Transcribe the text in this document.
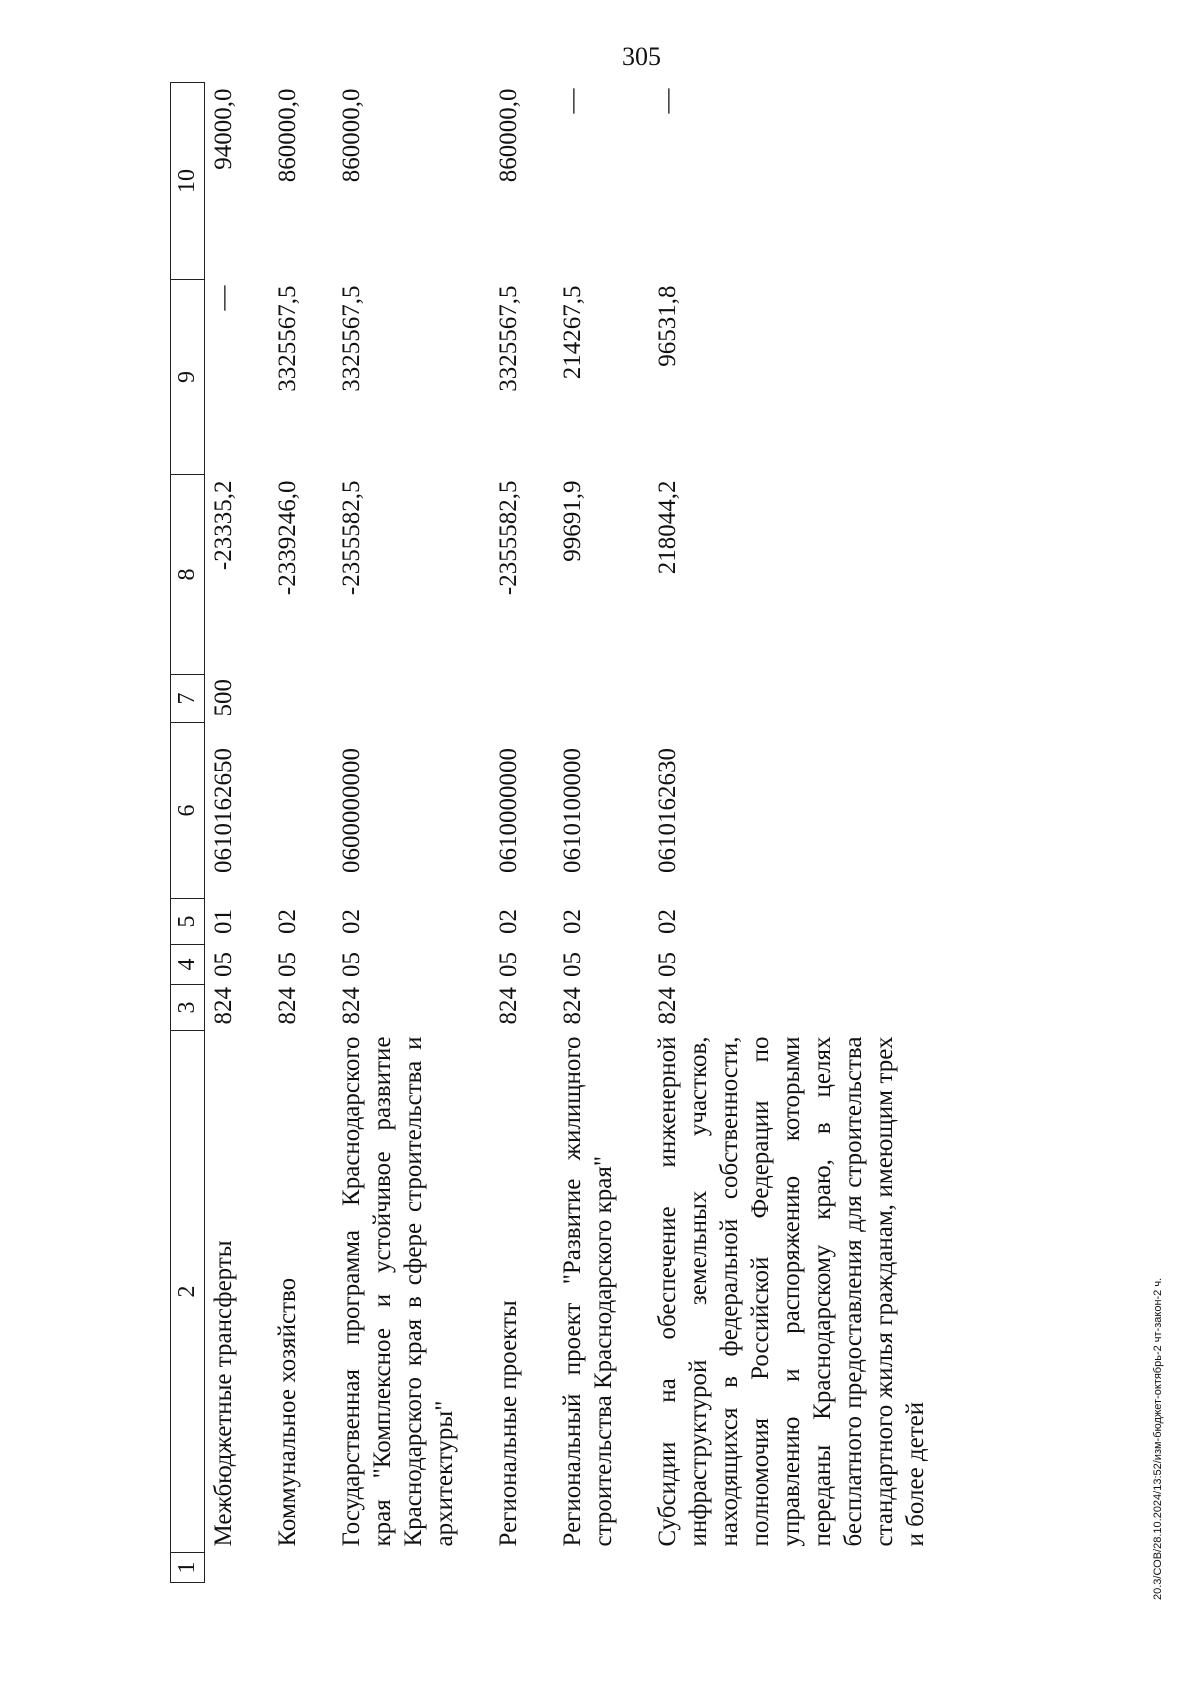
305
1	2	3	4	5	6	7	8	9	10
	Межбюджетные трансферты	824	05	01	0610162650	500	-23335,2	—	94000,0

	Коммунальное хозяйство	824	05	02			-2339246,0	3325567,5	860000,0

	Государственная программа Краснодарского края "Комплексное и устойчивое развитие Краснодарского края в сфере строительства и архитектуры"	824	05	02	0600000000		-2355582,5	3325567,5	860000,0

	Региональные проекты	824	05	02	0610000000		-2355582,5	3325567,5	860000,0

	Региональный проект "Развитие жилищного строительства Краснодарского края"	824	05	02	0610100000		99691,9	214267,5	—

	Субсидии на обеспечение инженерной инфраструктурой земельных участков, находящихся в федеральной собственности, полномочия Российской Федерации по управлению и распоряжению которыми переданы Краснодарскому краю, в целях бесплатного предоставления для строительства стандартного жилья гражданам, имеющим трех и более детей	824	05	02	0610162630		218044,2	96531,8	—
20.3/СОВ/28.10.2024/13:52/изм-бюджет-октябрь-2 чт-закон-2 ч.
